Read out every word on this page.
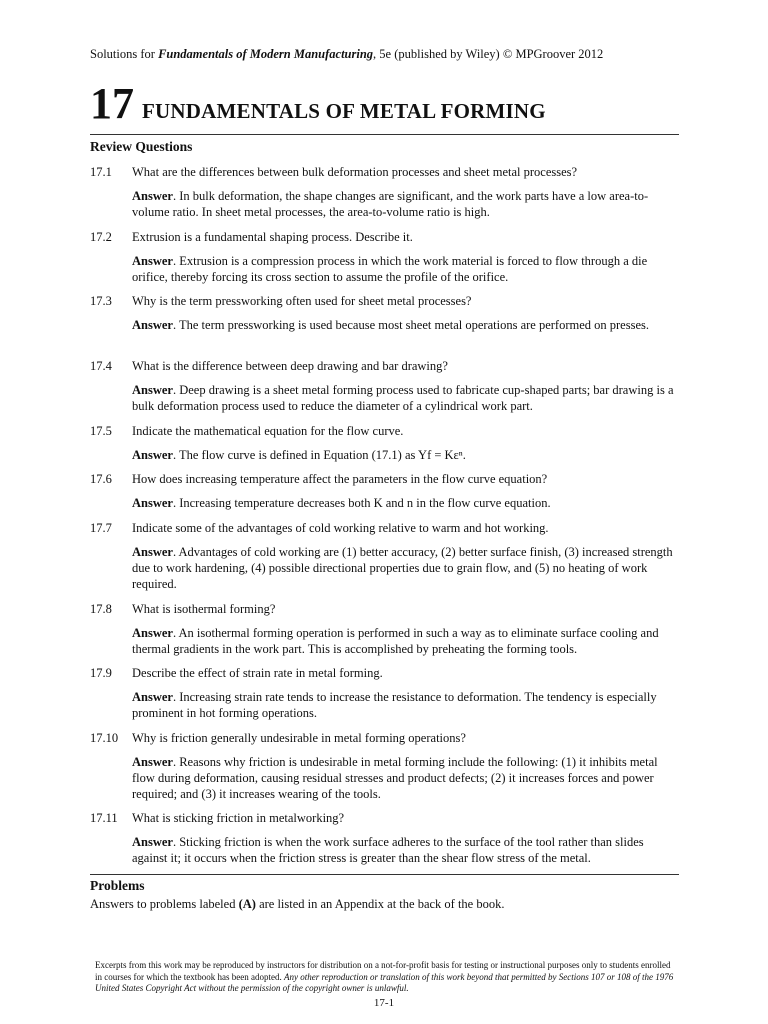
Solutions for Fundamentals of Modern Manufacturing, 5e (published by Wiley) © MPGroover 2012
17 FUNDAMENTALS OF METAL FORMING
Review Questions
17.1	What are the differences between bulk deformation processes and sheet metal processes?
Answer. In bulk deformation, the shape changes are significant, and the work parts have a low area-to-volume ratio. In sheet metal processes, the area-to-volume ratio is high.
17.2	Extrusion is a fundamental shaping process. Describe it.
Answer. Extrusion is a compression process in which the work material is forced to flow through a die orifice, thereby forcing its cross section to assume the profile of the orifice.
17.3	Why is the term pressworking often used for sheet metal processes?
Answer. The term pressworking is used because most sheet metal operations are performed on presses.
17.4	What is the difference between deep drawing and bar drawing?
Answer. Deep drawing is a sheet metal forming process used to fabricate cup-shaped parts; bar drawing is a bulk deformation process used to reduce the diameter of a cylindrical work part.
17.5	Indicate the mathematical equation for the flow curve.
Answer. The flow curve is defined in Equation (17.1) as Yf = Kεⁿ.
17.6	How does increasing temperature affect the parameters in the flow curve equation?
Answer. Increasing temperature decreases both K and n in the flow curve equation.
17.7	Indicate some of the advantages of cold working relative to warm and hot working.
Answer. Advantages of cold working are (1) better accuracy, (2) better surface finish, (3) increased strength due to work hardening, (4) possible directional properties due to grain flow, and (5) no heating of work required.
17.8	What is isothermal forming?
Answer. An isothermal forming operation is performed in such a way as to eliminate surface cooling and thermal gradients in the work part. This is accomplished by preheating the forming tools.
17.9	Describe the effect of strain rate in metal forming.
Answer. Increasing strain rate tends to increase the resistance to deformation. The tendency is especially prominent in hot forming operations.
17.10	Why is friction generally undesirable in metal forming operations?
Answer. Reasons why friction is undesirable in metal forming include the following: (1) it inhibits metal flow during deformation, causing residual stresses and product defects; (2) it increases forces and power required; and (3) it increases wearing of the tools.
17.11	What is sticking friction in metalworking?
Answer. Sticking friction is when the work surface adheres to the surface of the tool rather than slides against it; it occurs when the friction stress is greater than the shear flow stress of the metal.
Problems
Answers to problems labeled (A) are listed in an Appendix at the back of the book.
Excerpts from this work may be reproduced by instructors for distribution on a not-for-profit basis for testing or instructional purposes only to students enrolled in courses for which the textbook has been adopted. Any other reproduction or translation of this work beyond that permitted by Sections 107 or 108 of the 1976 United States Copyright Act without the permission of the copyright owner is unlawful.
17-1
